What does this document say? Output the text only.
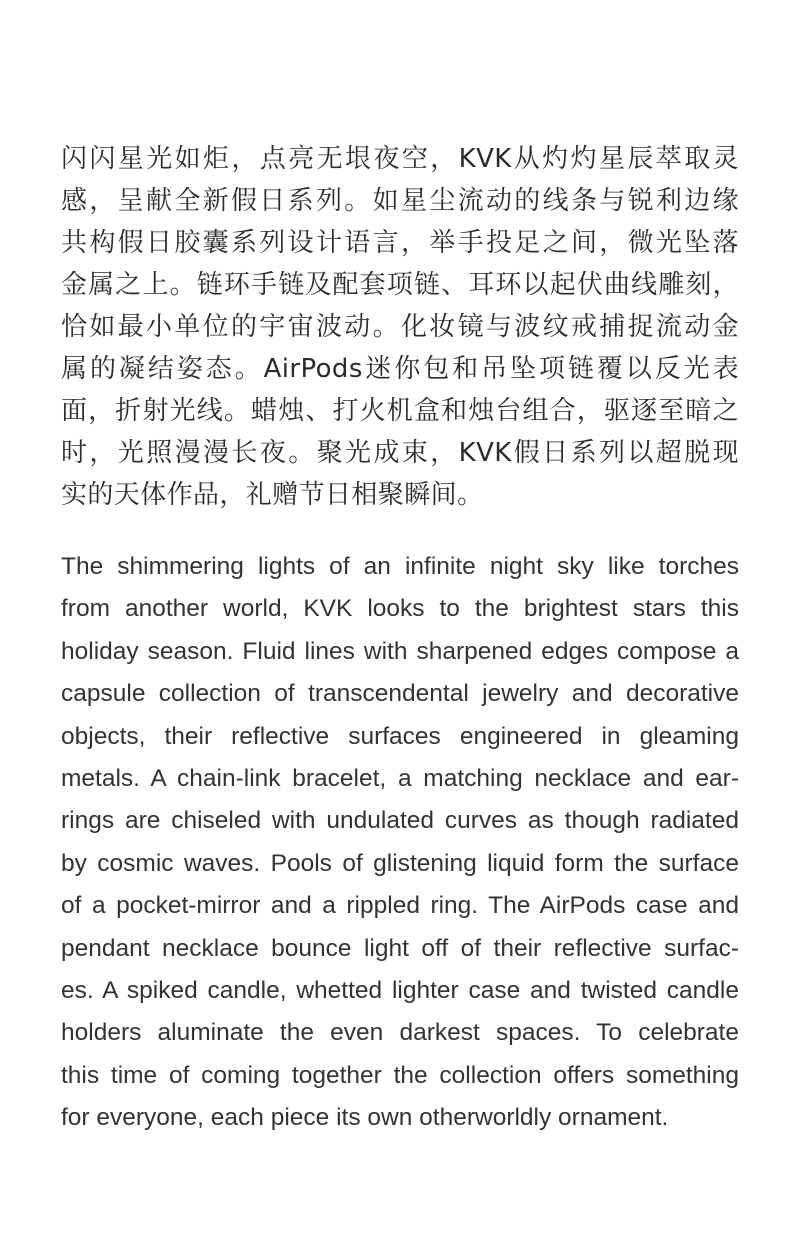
闪闪星光如炬，点亮无垠夜空，KVK从灼灼星辰萃取灵
感，呈献全新假日系列。如星尘流动的线条与锐利边缘
共构假日胶囊系列设计语言，举手投足之间，微光坠落
金属之上。链环手链及配套项链、耳环以起伏曲线雕刻，
恰如最小单位的宇宙波动。化妆镜与波纹戒捕捉流动金
属的凝结姿态。AirPods迷你包和吊坠项链覆以反光表
面，折射光线。蜡烛、打火机盒和烛台组合，驱逐至暗之
时，光照漫漫长夜。聚光成束，KVK假日系列以超脱现
实的天体作品，礼赠节日相聚瞬间。
The shimmering lights of an infinite night sky like torches
from another world, KVK looks to the brightest stars this
holiday season. Fluid lines with sharpened edges compose a
capsule collection of transcendental jewelry and decorative
objects, their reflective surfaces engineered in gleaming
metals. A chain-link bracelet, a matching necklace and ear-
rings are chiseled with undulated curves as though radiated
by cosmic waves. Pools of glistening liquid form the surface
of a pocket-mirror and a rippled ring. The AirPods case and
pendant necklace bounce light off of their reflective surfac-
es. A spiked candle, whetted lighter case and twisted candle
holders aluminate the even darkest spaces. To celebrate
this time of coming together the collection offers something
for everyone, each piece its own otherworldly ornament.
